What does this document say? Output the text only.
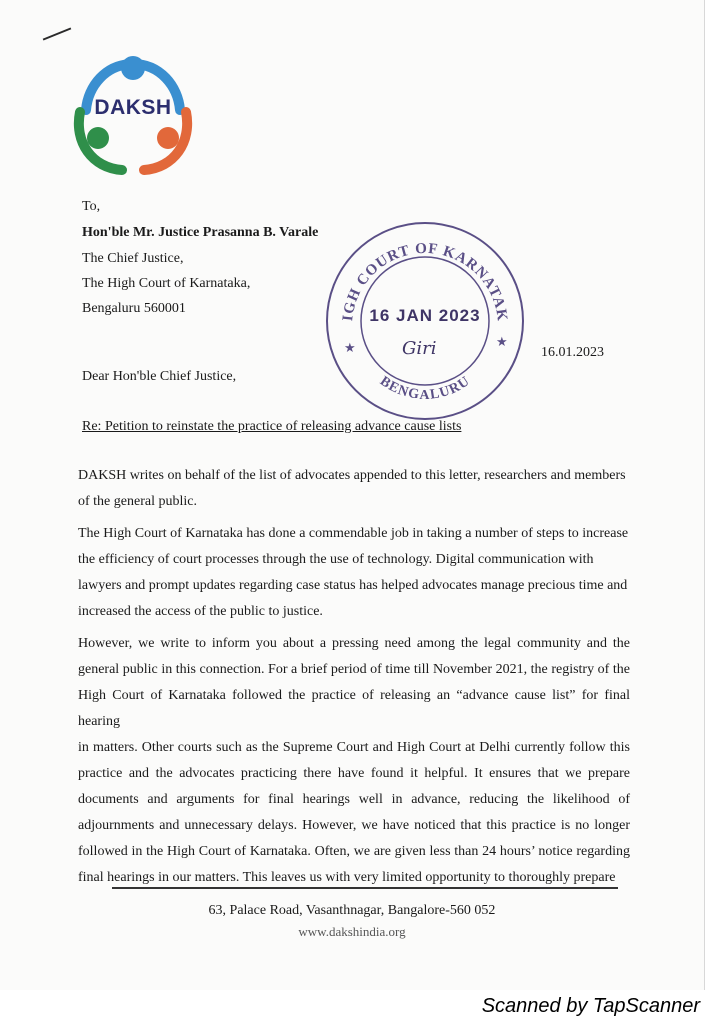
DAKSH
To,
Hon'ble Mr. Justice Prasanna B. Varale
The Chief Justice,
The High Court of Karnataka,
Bengaluru 560001
IGH COURT OF KARNATAK
BENGALURU
★	★
16 JAN 2023
Giri	16.01.2023
Dear Hon'ble Chief Justice,
Re: Petition to reinstate the practice of releasing advance cause lists
DAKSH writes on behalf of the list of advocates appended to this letter, researchers and members
of the general public.
The High Court of Karnataka has done a commendable job in taking a number of steps to increase
the efficiency of court processes through the use of technology. Digital communication with
lawyers and prompt updates regarding case status has helped advocates manage precious time and
increased the access of the public to justice.
However, we write to inform you about a pressing need among the legal community and the
general public in this connection. For a brief period of time till November 2021, the registry of the
High Court of Karnataka followed the practice of releasing an “advance cause list” for final hearing
in matters. Other courts such as the Supreme Court and High Court at Delhi currently follow this
practice and the advocates practicing there have found it helpful. It ensures that we prepare
documents and arguments for final hearings well in advance, reducing the likelihood of
adjournments and unnecessary delays. However, we have noticed that this practice is no longer
followed in the High Court of Karnataka. Often, we are given less than 24 hours’ notice regarding
final hearings in our matters. This leaves us with very limited opportunity to thoroughly prepare
63, Palace Road, Vasanthnagar, Bangalore-560 052
www.dakshindia.org
Scanned by TapScanner
